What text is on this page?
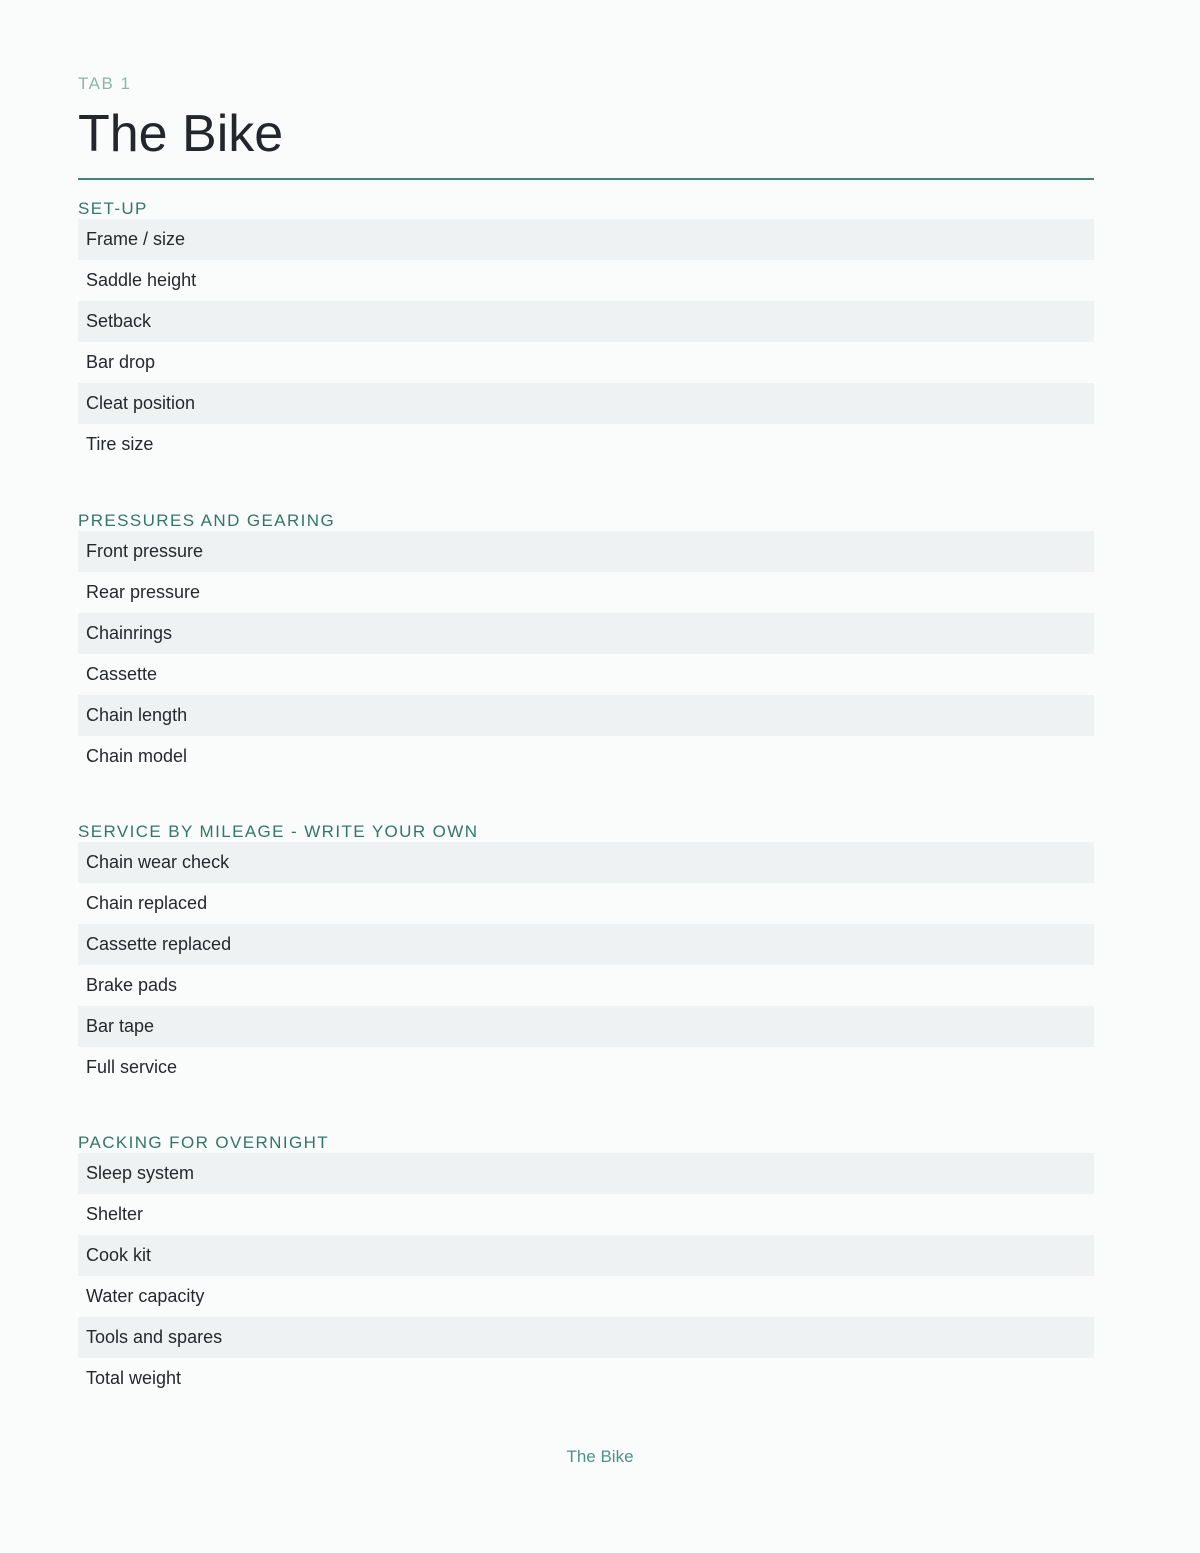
TAB 1
The Bike
SET-UP
Frame / size
Saddle height
Setback
Bar drop
Cleat position
Tire size
PRESSURES AND GEARING
Front pressure
Rear pressure
Chainrings
Cassette
Chain length
Chain model
SERVICE BY MILEAGE - WRITE YOUR OWN
Chain wear check
Chain replaced
Cassette replaced
Brake pads
Bar tape
Full service
PACKING FOR OVERNIGHT
Sleep system
Shelter
Cook kit
Water capacity
Tools and spares
Total weight
The Bike
